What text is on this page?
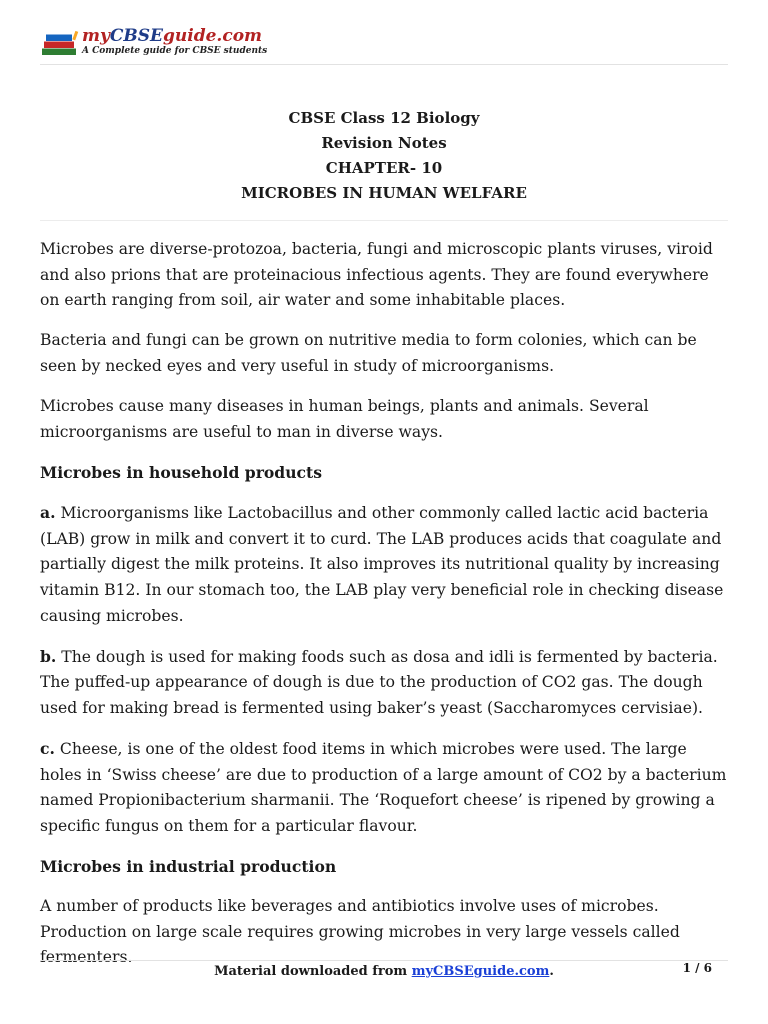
myCBSEguide.com
A Complete guide for CBSE students
CBSE Class 12 Biology
Revision Notes
CHAPTER- 10
MICROBES IN HUMAN WELFARE

Microbes are diverse-protozoa, bacteria, fungi and microscopic plants viruses, viroid and also prions that are proteinacious infectious agents. They are found everywhere on earth ranging from soil, air water and some inhabitable places.

Bacteria and fungi can be grown on nutritive media to form colonies, which can be seen by necked eyes and very useful in study of microorganisms.

Microbes cause many diseases in human beings, plants and animals. Several microorganisms are useful to man in diverse ways.

Microbes in household products

a. Microorganisms like Lactobacillus and other commonly called lactic acid bacteria (LAB) grow in milk and convert it to curd. The LAB produces acids that coagulate and partially digest the milk proteins. It also improves its nutritional quality by increasing vitamin B12. In our stomach too, the LAB play very beneficial role in checking disease causing microbes.

b. The dough is used for making foods such as dosa and idli is fermented by bacteria. The puffed-up appearance of dough is due to the production of CO2 gas. The dough used for making bread is fermented using baker’s yeast (Saccharomyces cervisiae).

c. Cheese, is one of the oldest food items in which microbes were used. The large holes in ‘Swiss cheese’ are due to production of a large amount of CO2 by a bacterium named Propionibacterium sharmanii. The ‘Roquefort cheese’ is ripened by growing a specific fungus on them for a particular flavour.

Microbes in industrial production

A number of products like beverages and antibiotics involve uses of microbes. Production on large scale requires growing microbes in very large vessels called fermenters.

Material downloaded from myCBSEguide.com.	1 / 6
